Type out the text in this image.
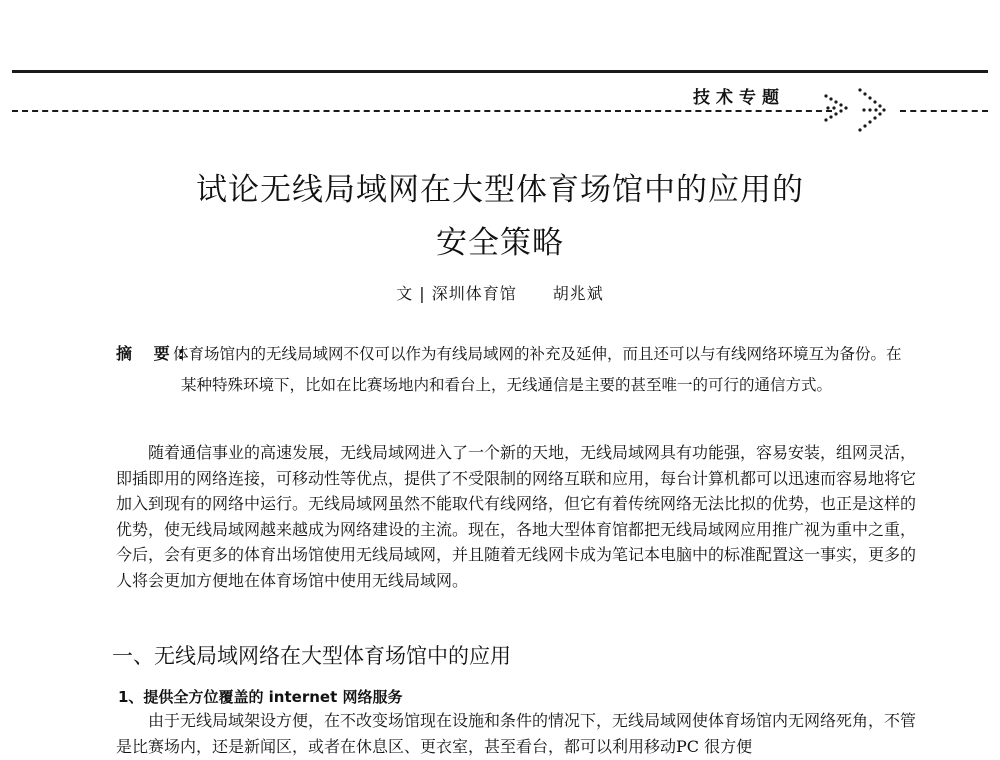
技术专题
试论无线局域网在大型体育场馆中的应用的
安全策略
文 | 深圳体育馆 胡兆斌
摘 要:
体育场馆内的无线局域网不仅可以作为有线局域网的补充及延伸，而且还可以与有线网络环境互为备份。在某种特殊环境下，比如在比赛场地内和看台上，无线通信是主要的甚至唯一的可行的通信方式。
随着通信事业的高速发展，无线局域网进入了一个新的天地，无线局域网具有功能强，容易安装，组网灵活，即插即用的网络连接，可移动性等优点，提供了不受限制的网络互联和应用，每台计算机都可以迅速而容易地将它加入到现有的网络中运行。无线局域网虽然不能取代有线网络，但它有着传统网络无法比拟的优势，也正是这样的优势，使无线局域网越来越成为网络建设的主流。现在，各地大型体育馆都把无线局域网应用推广视为重中之重，今后，会有更多的体育出场馆使用无线局域网，并且随着无线网卡成为笔记本电脑中的标准配置这一事实，更多的人将会更加方便地在体育场馆中使用无线局域网。
一、无线局域网络在大型体育场馆中的应用
1、提供全方位覆盖的 internet 网络服务
由于无线局域架设方便，在不改变场馆现在设施和条件的情况下，无线局域网使体育场馆内无网络死角，不管是比赛场内，还是新闻区，或者在休息区、更衣室，甚至看台，都可以利用移动PC 很方便
